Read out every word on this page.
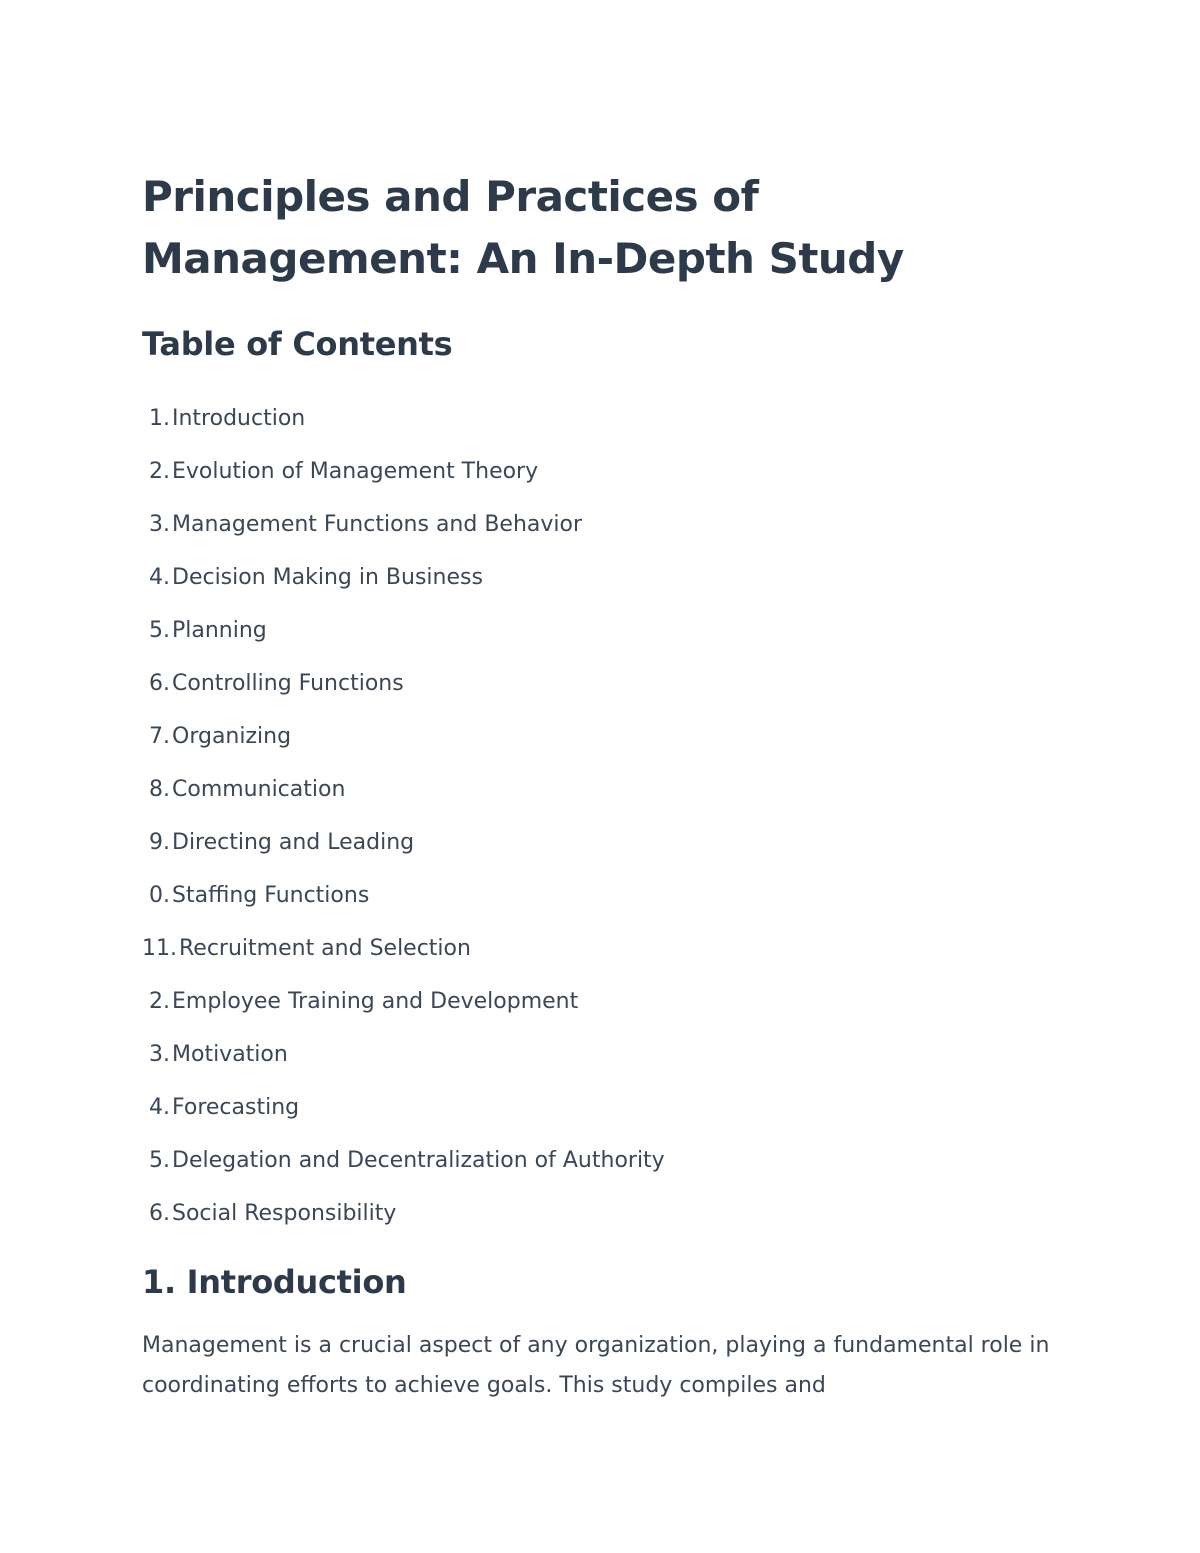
Principles and Practices of Management: An In-Depth Study
Table of Contents
1.Introduction
2.Evolution of Management Theory
3.Management Functions and Behavior
4.Decision Making in Business
5.Planning
6.Controlling Functions
7.Organizing
8.Communication
9.Directing and Leading
0.Staffing Functions
11.Recruitment and Selection
2.Employee Training and Development
3.Motivation
4.Forecasting
5.Delegation and Decentralization of Authority
6.Social Responsibility
1. Introduction

Management is a crucial aspect of any organization, playing a fundamental role in coordinating efforts to achieve goals. This study compiles and
